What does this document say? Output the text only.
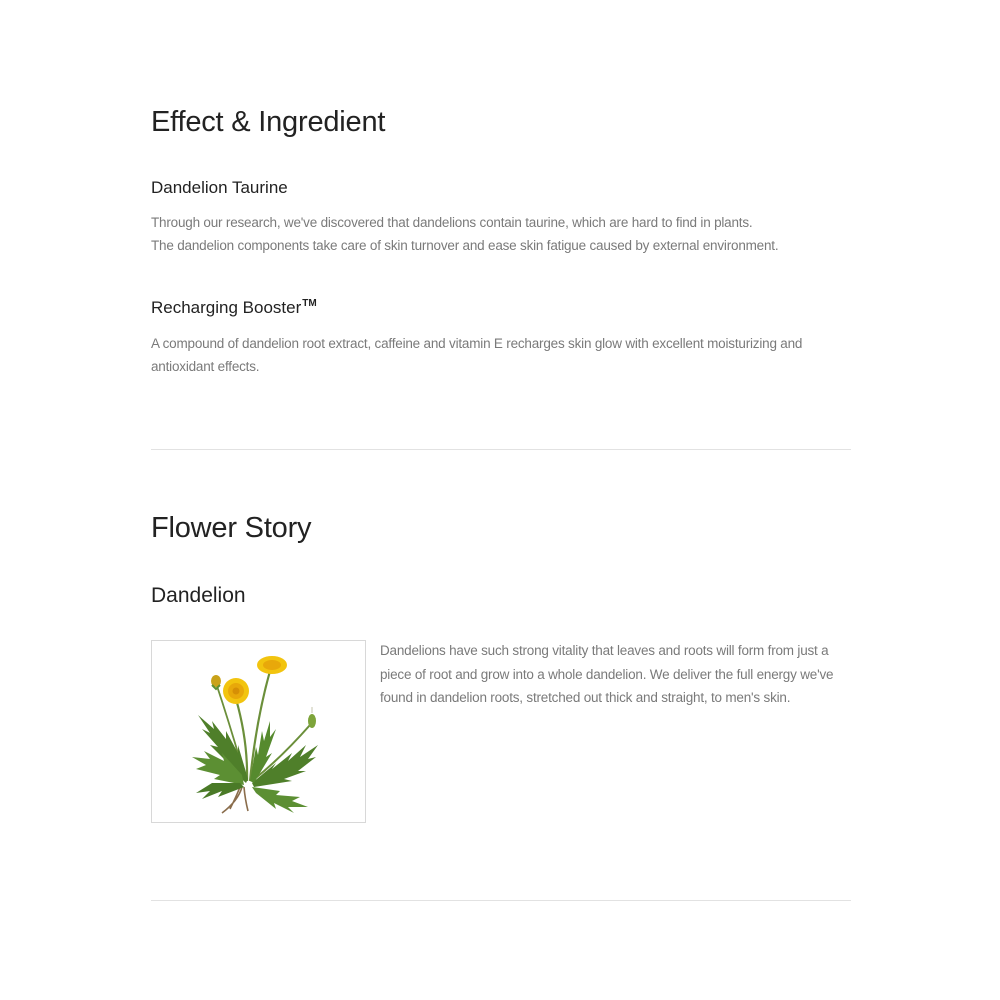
Effect & Ingredient
Dandelion Taurine

Through our research, we've discovered that dandelions contain taurine, which are hard to find in plants.
The dandelion components take care of skin turnover and ease skin fatigue caused by external environment.

Recharging Booster™

A compound of dandelion root extract, caffeine and vitamin E recharges skin glow with excellent moisturizing and antioxidant effects.

Flower Story
Dandelion

Dandelions have such strong vitality that leaves and roots will form from just a piece of root and grow into a whole dandelion. We deliver the full energy we've found in dandelion roots, stretched out thick and straight, to men's skin.
